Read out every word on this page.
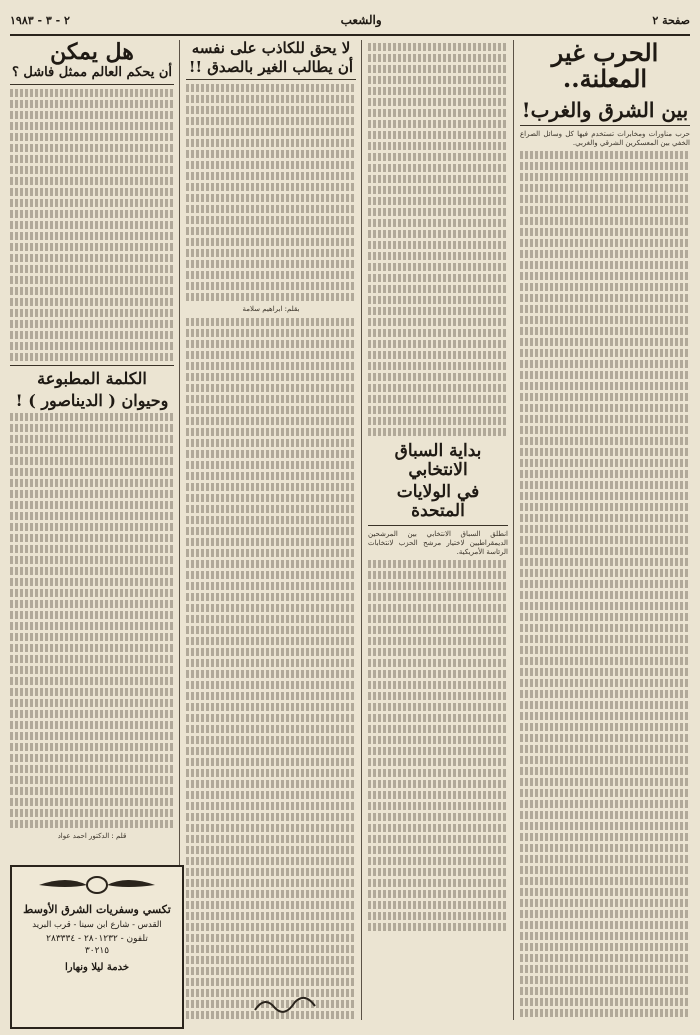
صفحة ٢
والشعب
٢ - ٣ - ١٩٨٣
الحرب غير المعلنة..
بين الشرق والغرب!
حرب مناورات ومخابرات تستخدم فيها كل وسائل الصراع الخفي بين المعسكرين الشرقي والغربي.
بداية السباق الانتخابي
في الولايات المتحدة
انطلق السباق الانتخابي بين المرشحين الديمقراطيين لاختيار مرشح الحزب لانتخابات الرئاسة الأمريكية.
لا يحق للكاذب على نفسه
أن يطالب الغير بالصدق !!
بقلم: ابراهيم سلامة
هل يمكن
أن يحكم العالم ممثل فاشل ؟
الكلمة المطبوعة
وحيوان ( الديناصور ) !
قلم : الدكتور احمد عواد
تكسي وسفريات الشرق الأوسط
القدس - شارع ابن سينا - قرب البريد
تلفون - ٢٨٠١٢٣٢ - ٢٨٣٣٣٤
٣٠٢١٥
خدمة ليلا ونهارا
